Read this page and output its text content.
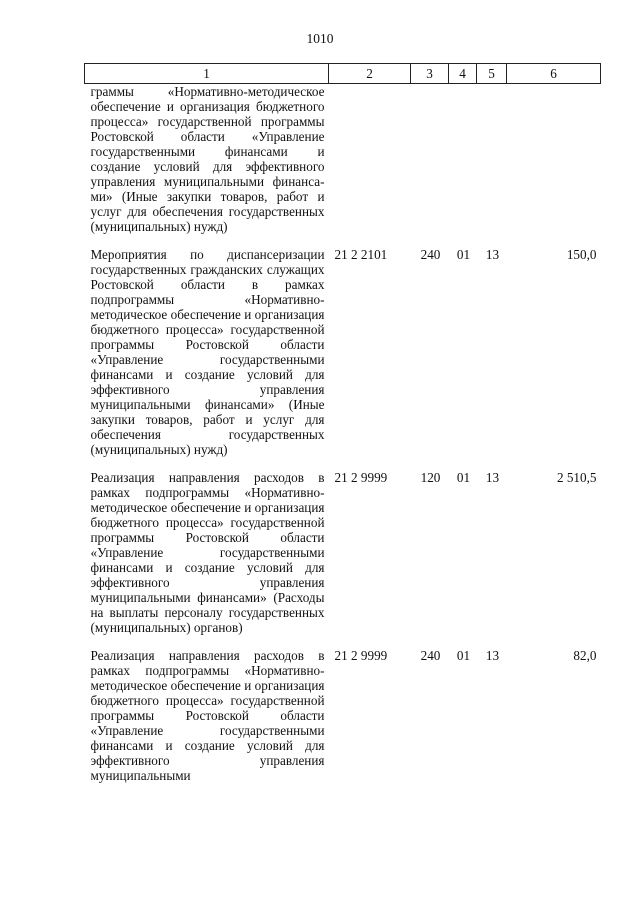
1010
1	2	3	4	5	6
граммы «Нормативно-методическое обеспечение и организация бюджетного процесса» государственной программы Ростовской области «Управление государственными финансами и создание условий для эффективного управления муниципальными финансами» (Иные закупки товаров, работ и услуг для обеспечения государственных (муниципальных) нужд)					
Мероприятия по диспансеризации государственных гражданских служащих Ростовской области в рамках подпрограммы «Нормативно-методическое обеспечение и организация бюджетного процесса» государственной программы Ростовской области «Управление государственными финансами и создание условий для эффективного управления муниципальными финансами» (Иные закупки товаров, работ и услуг для обеспечения государственных (муниципальных) нужд)	21 2 2101	240	01	13	150,0
Реализация направления расходов в рамках подпрограммы «Нормативно-методическое обеспечение и организация бюджетного процесса» государственной программы Ростовской области «Управление государственными финансами и создание условий для эффективного управления муниципальными финансами» (Расходы на выплаты персоналу государственных (муниципальных) органов)	21 2 9999	120	01	13	2 510,5
Реализация направления расходов в рамках подпрограммы «Нормативно-методическое обеспечение и организация бюджетного процесса» государственной программы Ростовской области «Управление государственными финансами и создание условий для эффективного управления муниципальными	21 2 9999	240	01	13	82,0
